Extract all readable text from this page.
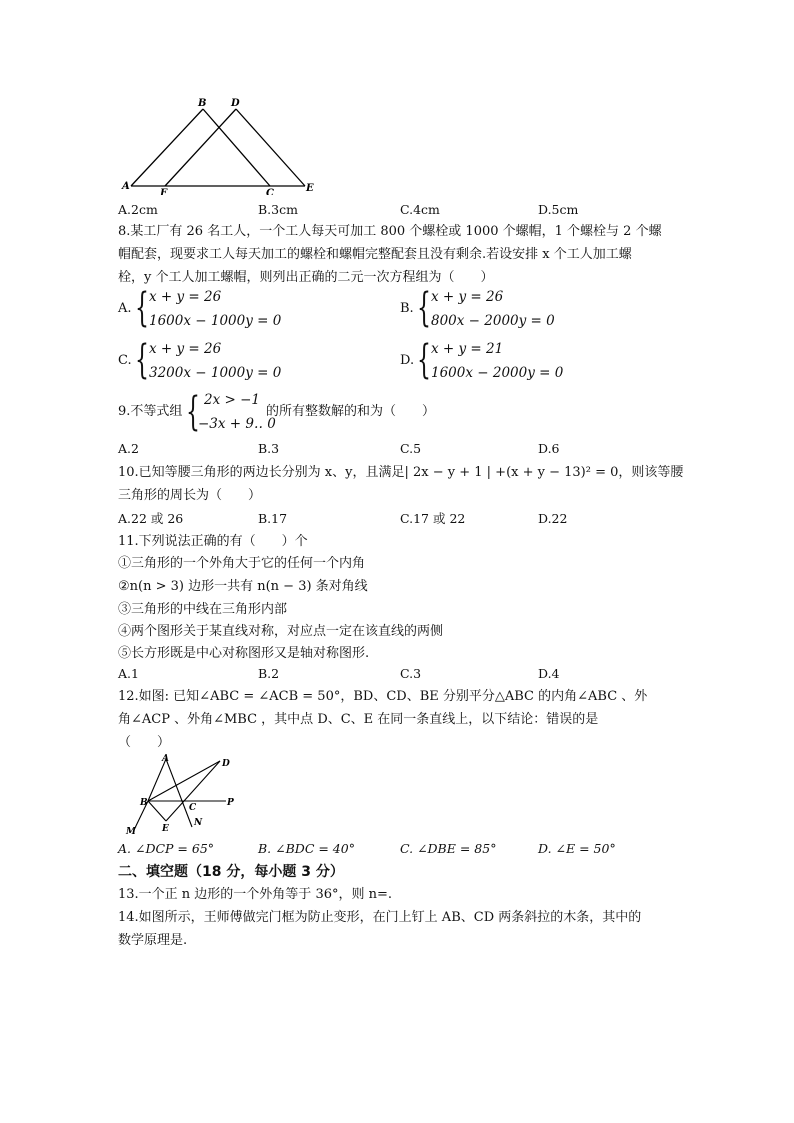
A
B D
F	C	E
A.2cm	B.3cm	C.4cm	D.5cm
8.某工厂有 26 名工人，一个工人每天可加工 800 个螺栓或 1000 个螺帽，1 个螺栓与 2 个螺
帽配套，现要求工人每天加工的螺栓和螺帽完整配套且没有剩余.若设安排 x 个工人加工螺
栓，y 个工人加工螺帽，则列出正确的二元一次方程组为（　　）
A. { x + y = 26
1600x − 1000y = 0
B. { x + y = 26
800x − 2000y = 0
C. { x + y = 26
3200x − 1000y = 0
D. { x + y = 21
1600x − 2000y = 0
9.不等式组 { 2x > −1
−3x + 9‥ 0
的所有整数解的和为（　　）
A.2	B.3	C.5	D.6
10.已知等腰三角形的两边长分别为 x、y，且满足| 2x − y + 1 | +(x + y − 13)² = 0，则该等腰
三角形的周长为（　　）
A.22 或 26	B.17	C.17 或 22	D.22
11.下列说法正确的有（　　）个
①三角形的一个外角大于它的任何一个内角
②n(n > 3) 边形一共有 n(n − 3) 条对角线
③三角形的中线在三角形内部
④两个图形关于某直线对称，对应点一定在该直线的两侧
⑤长方形既是中心对称图形又是轴对称图形.
A.1	B.2	C.3	D.4
12.如图: 已知∠ABC = ∠ACB = 50°，BD、CD、BE 分别平分△ABC 的内角∠ABC 、外
角∠ACP 、外角∠MBC ，其中点 D、C、E 在同一条直线上，以下结论：错误的是
（　　）
A	D
B	C	P
E
N
M
A. ∠DCP = 65°	B. ∠BDC = 40°	C. ∠DBE = 85°	D. ∠E = 50°
二、填空题（18 分，每小题 3 分）
13.一个正 n 边形的一个外角等于 36°，则 n=.
14.如图所示，王师傅做完门框为防止变形，在门上钉上 AB、CD 两条斜拉的木条，其中的
数学原理是.
